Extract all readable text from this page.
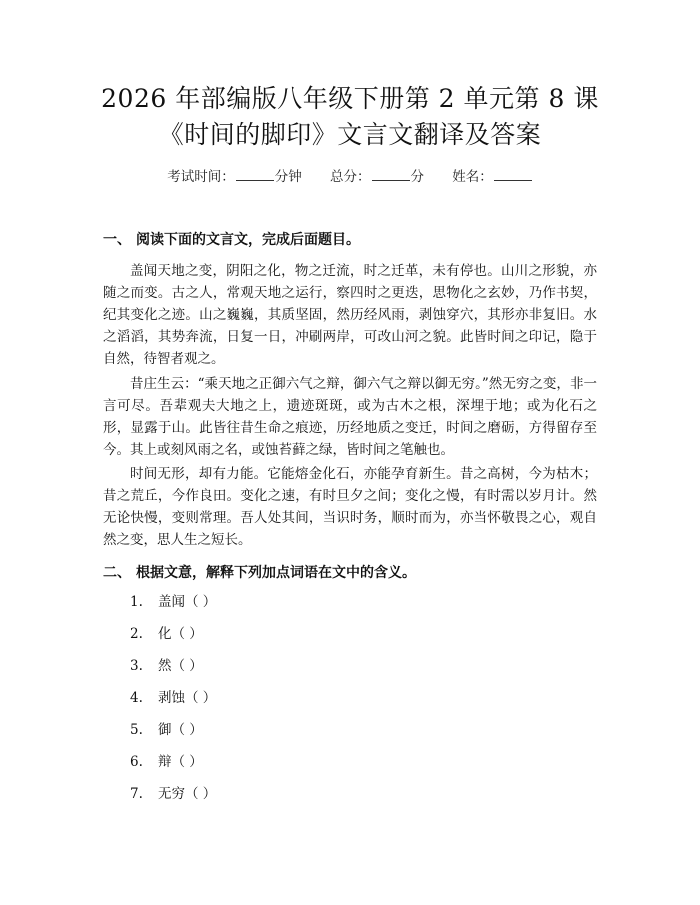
2026 年部编版八年级下册第 2 单元第 8 课
《时间的脚印》文言文翻译及答案
考试时间：	分钟 总分：	分 姓名：
一、 阅读下面的文言文，完成后面题目。
盖闻天地之变，阴阳之化，物之迁流，时之迁革，未有停也。山川之形貌，亦随之而变。古之人，常观天地之运行，察四时之更迭，思物化之玄妙，乃作书契，纪其变化之迹。山之巍巍，其质坚固，然历经风雨，剥蚀穿穴，其形亦非复旧。水之滔滔，其势奔流，日复一日，冲刷两岸，可改山河之貌。此皆时间之印记，隐于自然，待智者观之。
昔庄生云：“乘天地之正御六气之辩，御六气之辩以御无穷。”然无穷之变，非一言可尽。吾辈观夫大地之上，遗迹斑斑，或为古木之根，深埋于地；或为化石之形，显露于山。此皆往昔生命之痕迹，历经地质之变迁，时间之磨砺，方得留存至今。其上或刻风雨之名，或蚀苔藓之绿，皆时间之笔触也。
时间无形，却有力能。它能熔金化石，亦能孕育新生。昔之高树，今为枯木；昔之荒丘，今作良田。变化之速，有时旦夕之间；变化之慢，有时需以岁月计。然无论快慢，变则常理。吾人处其间，当识时务，顺时而为，亦当怀敬畏之心，观自然之变，思人生之短长。
二、 根据文意，解释下列加点词语在文中的含义。
1. 盖闻（ ）
2. 化（ ）
3. 然（ ）
4. 剥蚀（ ）
5. 御（ ）
6. 辩（ ）
7. 无穷（ ）
